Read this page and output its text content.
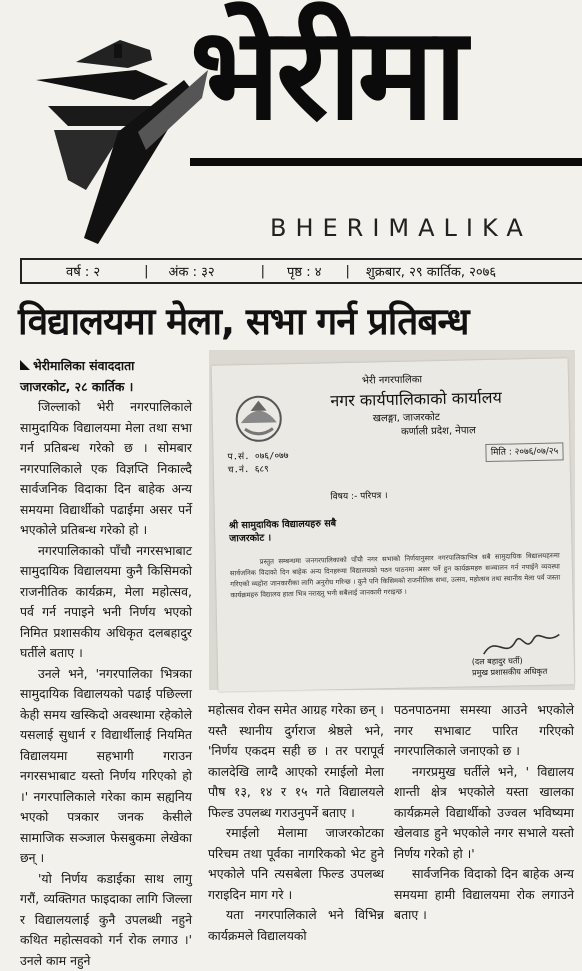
भेरीमा
BHERIMALIKA
वर्ष : २	| अंक : ३२	| पृष्ठ : ४ | शुक्रबार, २९ कार्तिक, २०७६
विद्यालयमा मेला, सभा गर्न प्रतिबन्ध

भेरीमालिका संवाददाता

जाजरकोट, २८ कार्तिक ।

जिल्लाको भेरी नगरपालिकाले सामुदायिक विद्यालयमा मेला तथा सभा गर्न प्रतिबन्ध गरेको छ । सोमबार नगरपालिकाले एक विज्ञप्ति निकाल्दै सार्वजनिक विदाका दिन बाहेक अन्य समयमा विद्यार्थीको पढाईमा असर पर्ने भएकोले प्रतिबन्ध गरेको हो ।

नगरपालिकाको पाँचौ नगरसभाबाट सामुदायिक विद्यालयमा कुनै किसिमको राजनीतिक कार्यक्रम, मेला महोत्सव, पर्व गर्न नपाइने भनी निर्णय भएको निमित प्रशासकीय अधिकृत दलबहादुर घर्तीले बताए ।

उनले भने, 'नगरपालिका भित्रका सामुदायिक विद्यालयको पढाई पछिल्ला केही समय खस्किदो अवस्थामा रहेकोले यसलाई सुधार्न र विद्यार्थीलाई नियमित विद्यालयमा सहभागी गराउन नगरसभाबाट यस्तो निर्णय गरिएको हो ।' नगरपालिकाले गरेका काम सह्यनिय भएको पत्रकार जनक केसीले सामाजिक सञ्जाल फेसबुकमा लेखेका छन् ।

'यो निर्णय कडाईका साथ लागु गरौं, व्यक्तिगत फाइदाका लागि जिल्ला र विद्यालयलाई कुनै उपलब्धी नहुने कथित महोत्सवको गर्न रोक लगाउ ।' उनले काम नहुने

भेरी नगरपालिका
नगर कार्यपालिकाको कार्यालय
खलङ्गा, जाजरकोट
कर्णाली प्रदेश, नेपाल
प.सं. ०७६/०७७
च.नं. ६८९
मिति : २०७६/०७/२५
विषय :- परिपत्र ।
श्री सामुदायिक विद्यालयहरु सबै
जाजरकोट ।
प्रस्तुत सम्बन्धमा जनगरपालिकाको पाँचौ नगर सभाको निर्णयानुसार नगरपालिकाभित्र सबै सामुदायिक विद्यालयहरुमा सार्वजनिक विदाको दिन बाहेक अन्य दिनहरुमा विद्यालयको पठन पाठनमा असर पर्ने हुन कार्यक्रमहरु सञ्चालन गर्न नपाईने व्यवस्था गरिएको व्यहोरा जानकारीका लागि अनुरोध गरिन्छ । कुनै पनि किसिमको राजनीतिक सभा, उत्सव, महोत्सव तथा स्थानीय मेला पर्व जस्ता कार्यक्रमहरु विद्यालय हाता भित्र नराख्नु भनी सबैलाई जानकारी गराइन्छ ।
(दल बहादुर घर्ती)
प्रमुख प्रशासकीय अधिकृत

महोत्सव रोक्न समेत आग्रह गरेका छन् । यस्तै स्थानीय दुर्गराज श्रेष्ठले भने, 'निर्णय एकदम सही छ । तर परापूर्व कालदेखि लाग्दै आएको रमाईलो मेला पौष १३, १४ र १५ गते विद्यालयले फिल्ड उपलब्ध गराउनुपर्ने बताए ।

रमाईलो मेलामा जाजरकोटका परिचम तथा पूर्वका नागरिकको भेट हुने भएकोले पनि त्यसबेला फिल्ड उपलब्ध गराइदिन माग गरे ।

यता नगरपालिकाले भने विभिन्न कार्यक्रमले विद्यालयको

पठनपाठनमा समस्या आउने भएकोले नगर सभाबाट पारित गरिएको नगरपालिकाले जनाएको छ ।

नगरप्रमुख घर्तीले भने, ' विद्यालय शान्ती क्षेत्र भएकोले यस्ता खालका कार्यक्रमले विद्यार्थीको उज्वल भविष्यमा खेलवाड हुने भएकोले नगर सभाले यस्तो निर्णय गरेको हो ।'

सार्वजनिक विदाको दिन बाहेक अन्य समयमा हामी विद्यालयमा रोक लगाउने बताए ।
